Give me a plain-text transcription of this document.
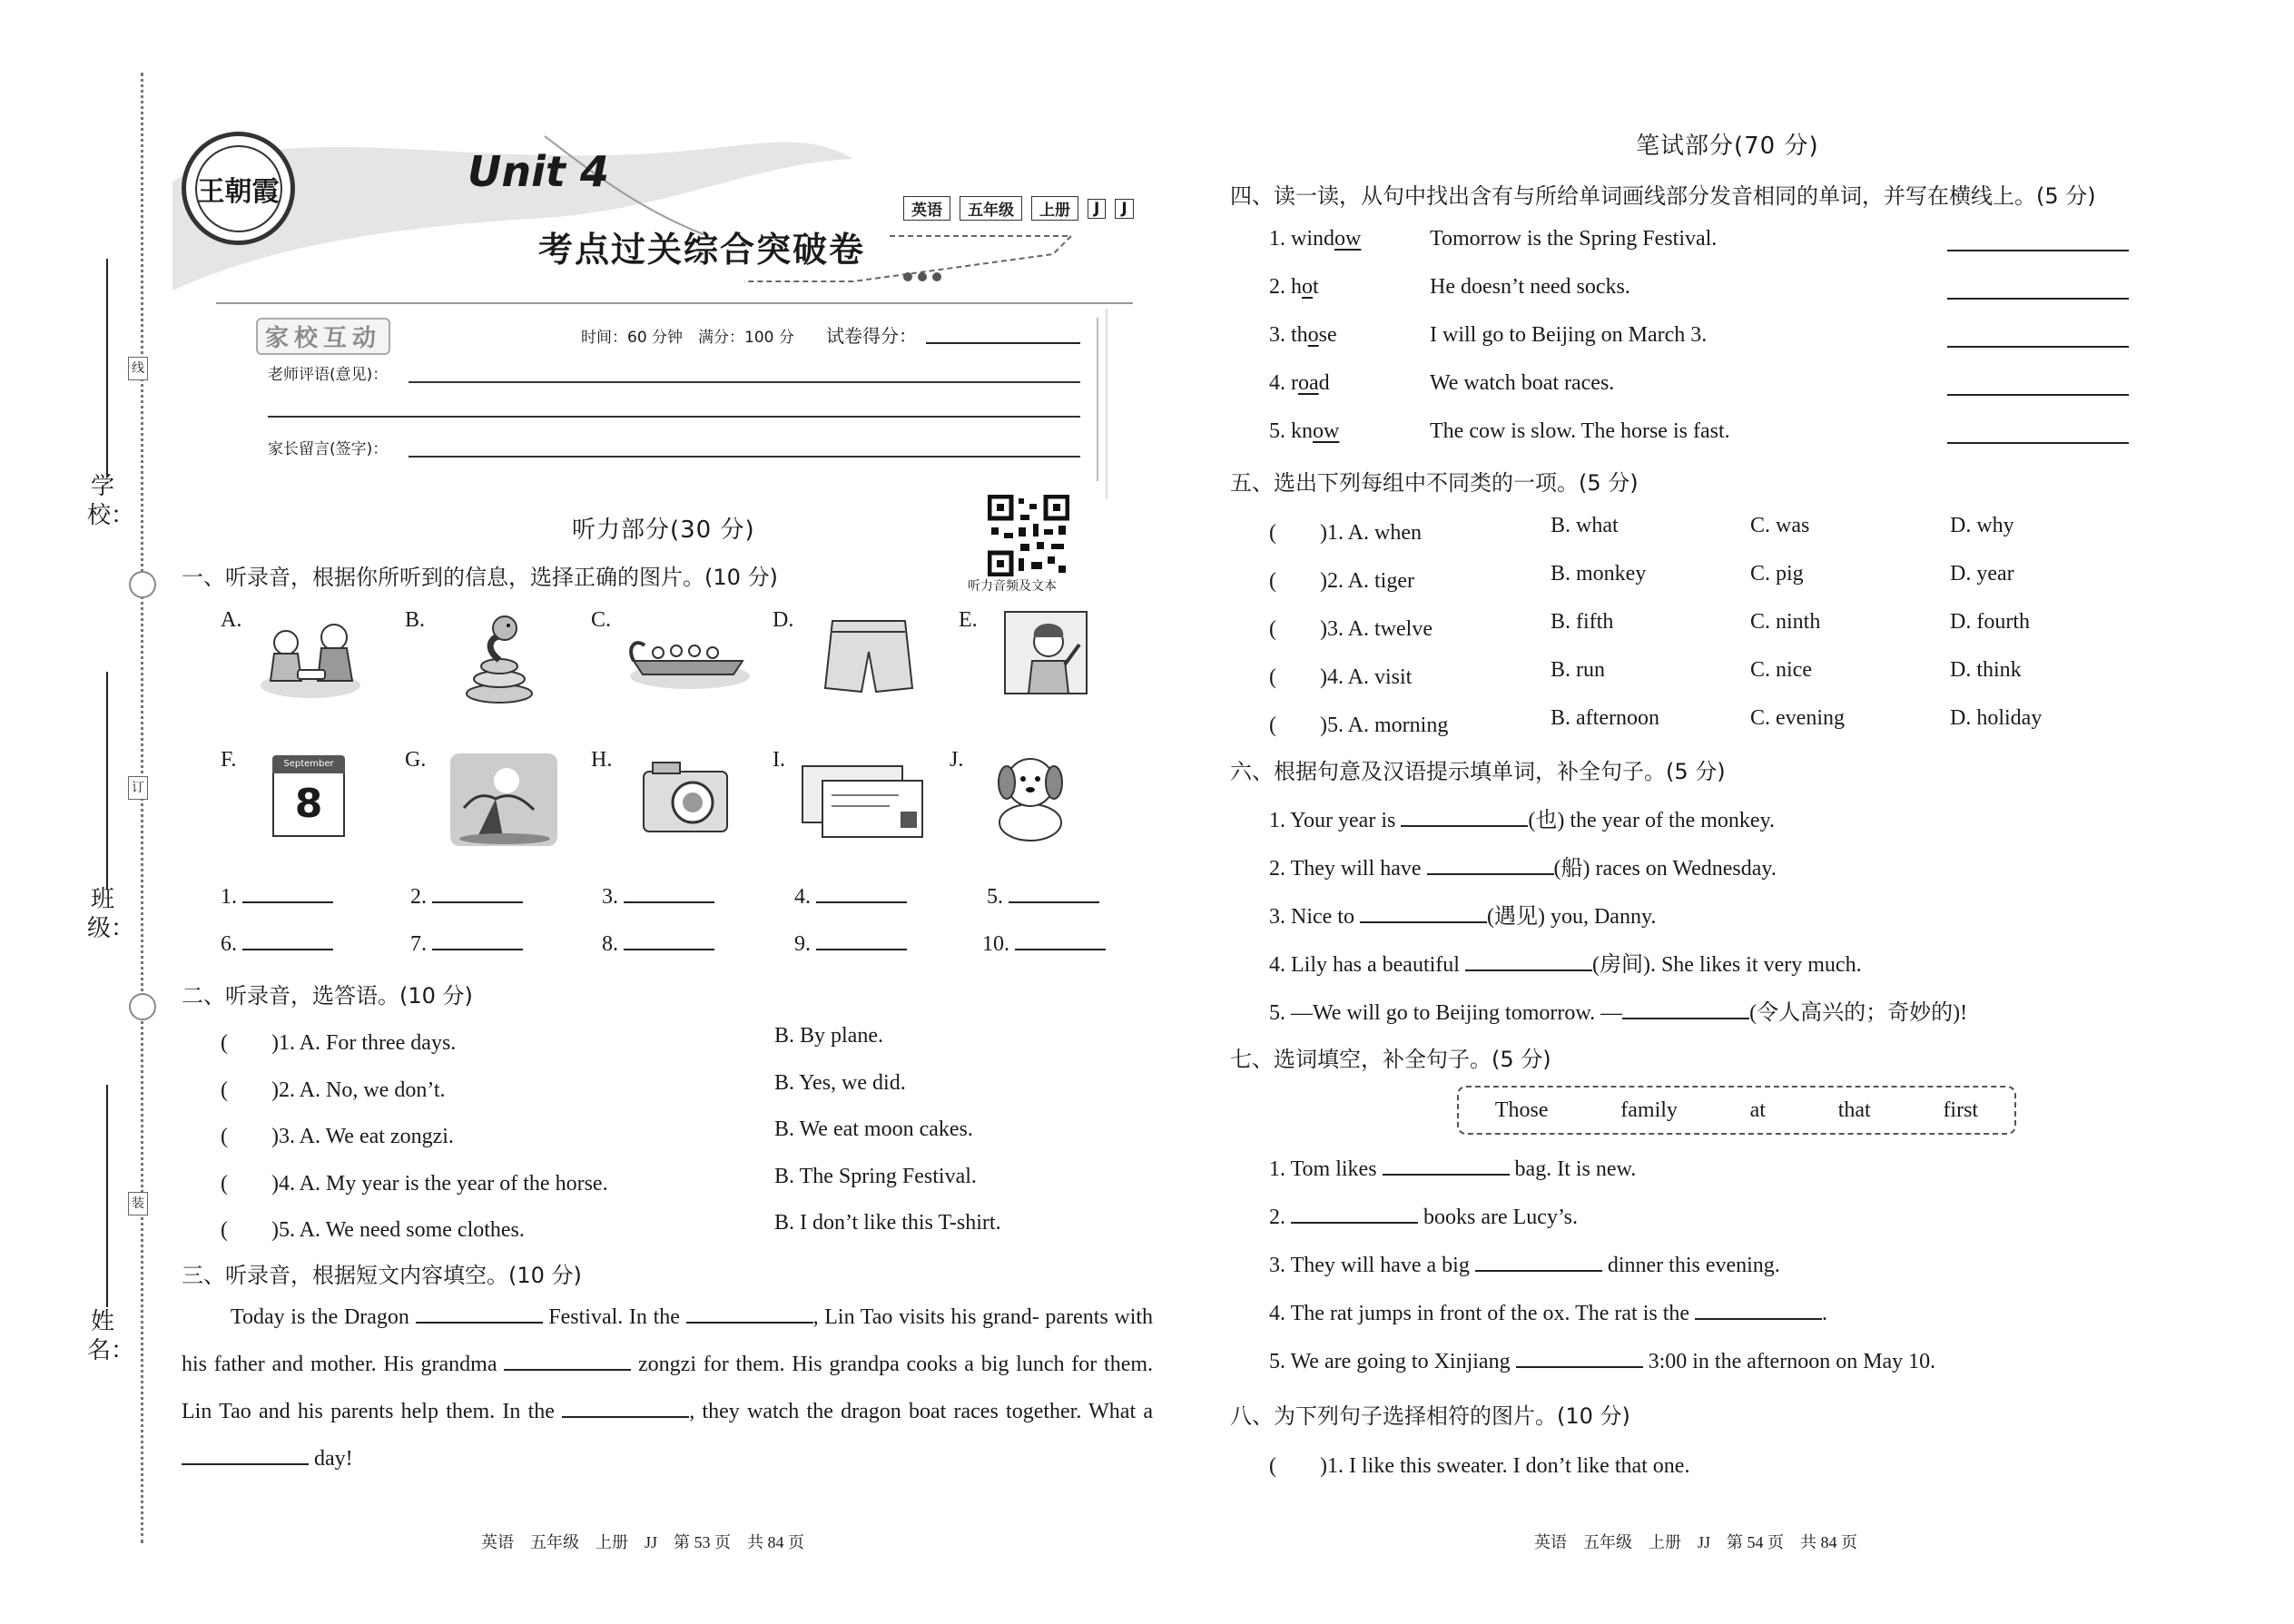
线
订
装
学校：
班级：
姓名：
王朝霞	Unit 4
考点过关综合突破卷
英语	五年级	上册	J	J
家校互动	时间：60 分钟　满分：100 分 试卷得分：
老师评语(意见)：
家长留言(签字)：
听力部分(30 分)
听力音频及文本
一、听录音，根据你所听到的信息，选择正确的图片。(10 分)
A.	B.	C.	D.	E.
F.	September
8
G.	H.	I.	J.
1.	2.	3.	4.	5.
6.	7.	8.	9.	10.
二、听录音，选答语。(10 分)
(　　)1. A. For three days.	B. By plane.
(　　)2. A. No, we don’t.	B. Yes, we did.
(　　)3. A. We eat zongzi.	B. We eat moon cakes.
(　　)4. A. My year is the year of the horse.	B. The Spring Festival.
(　　)5. A. We need some clothes.	B. I don’t like this T-shirt.
三、听录音，根据短文内容填空。(10 分)
Today is the Dragon	Festival. In the	, Lin Tao visits his grand- parents with his father and mother. His grandma	zongzi for them. His grandpa cooks a big lunch for them. Lin Tao and his parents help them. In the	, they watch the dragon boat races together. What a  day!
英语　五年级　上册　JJ　第 53 页　共 84 页
笔试部分(70 分)
四、读一读，从句中找出含有与所给单词画线部分发音相同的单词，并写在横线上。(5 分)
1. window	Tomorrow is the Spring Festival.
2. hot	He doesn’t need socks.
3. those	I will go to Beijing on March 3.
4. road	We watch boat races.
5. know	The cow is slow. The horse is fast.
五、选出下列每组中不同类的一项。(5 分)
(　　)1. A. when	B. what	C. was	D. why
(　　)2. A. tiger	B. monkey	C. pig	D. year
(　　)3. A. twelve	B. fifth	C. ninth	D. fourth
(　　)4. A. visit	B. run	C. nice	D. think
(　　)5. A. morning	B. afternoon	C. evening	D. holiday
六、根据句意及汉语提示填单词，补全句子。(5 分)
1. Your year is	(也) the year of the monkey.
2. They will have	(船) races on Wednesday.
3. Nice to	(遇见) you, Danny.
4. Lily has a beautiful	(房间). She likes it very much.
5. —We will go to Beijing tomorrow. —	(令人高兴的；奇妙的)!
七、选词填空，补全句子。(5 分)
Those	family	at	that	first
1. Tom likes	bag. It is new.
2.	books are Lucy’s.
3. They will have a big	dinner this evening.
4. The rat jumps in front of the ox. The rat is the	.
5. We are going to Xinjiang	3:00 in the afternoon on May 10.
八、为下列句子选择相符的图片。(10 分)
(　　)1. I like this sweater. I don’t like that one.
英语　五年级　上册　JJ　第 54 页　共 84 页
